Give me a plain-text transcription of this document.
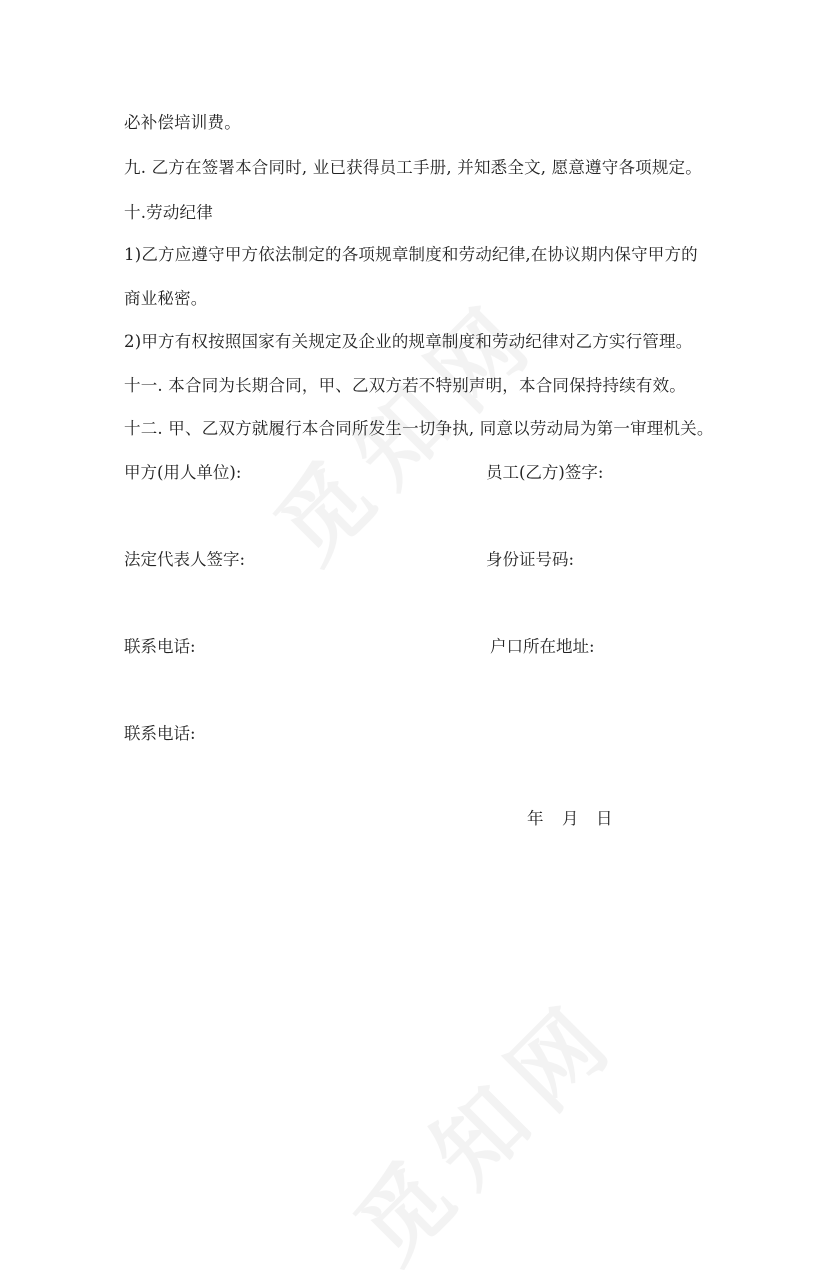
必补偿培训费。
九. 乙方在签署本合同时, 业已获得员工手册, 并知悉全文, 愿意遵守各项规定。
十.劳动纪律
1)乙方应遵守甲方依法制定的各项规章制度和劳动纪律,在协议期内保守甲方的
商业秘密。
2)甲方有权按照国家有关规定及企业的规章制度和劳动纪律对乙方实行管理。
十一. 本合同为长期合同，甲、乙双方若不特别声明，本合同保持持续有效。
十二. 甲、乙双方就履行本合同所发生一切争执, 同意以劳动局为第一审理机关。
甲方(用人单位):	员工(乙方)签字:
法定代表人签字:	身份证号码:
联系电话:	户口所在地址:
联系电话:
年 月 日
